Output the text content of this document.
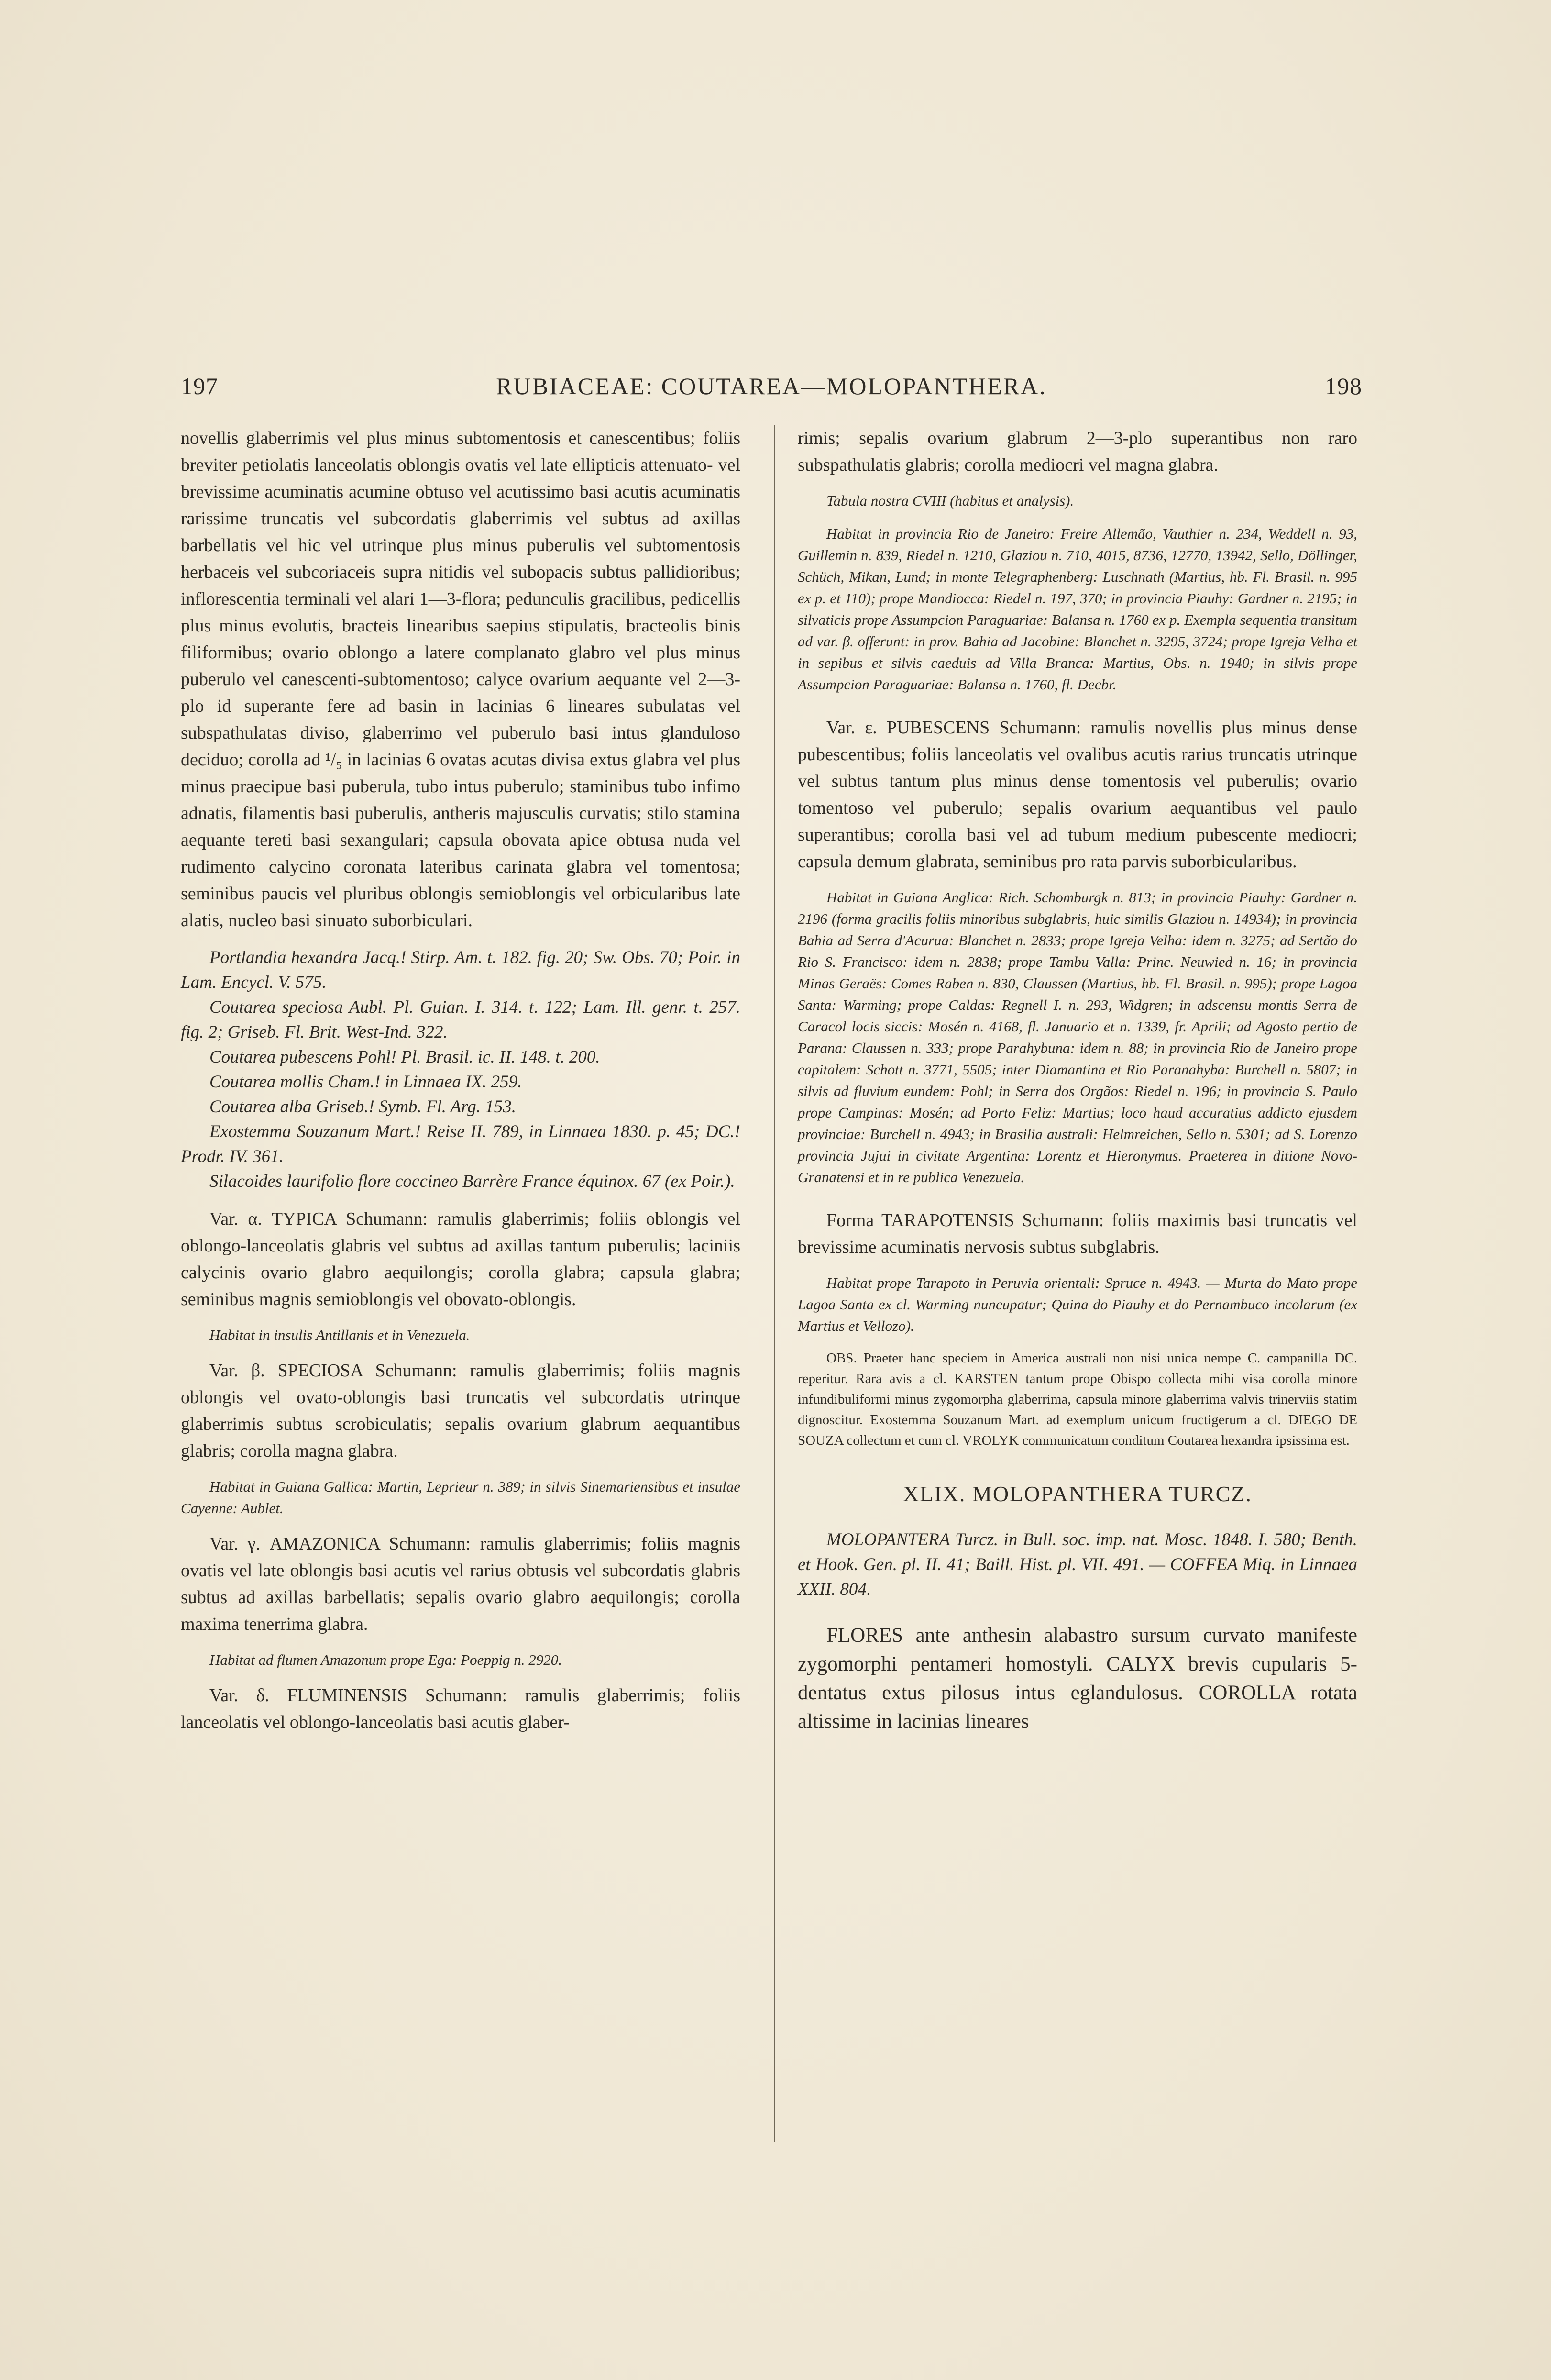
197	RUBIACEAE: COUTAREA—MOLOPANTHERA.	198

novellis glaberrimis vel plus minus subtomentosis et canescentibus; foliis breviter petiolatis lanceolatis oblongis ovatis vel late ellipticis attenuato- vel brevissime acuminatis acumine obtuso vel acutissimo basi acutis acuminatis rarissime truncatis vel subcordatis glaberrimis vel subtus ad axillas barbellatis vel hic vel utrinque plus minus puberulis vel subtomentosis herbaceis vel subcoriaceis supra nitidis vel subopacis subtus pallidioribus; inflorescentia terminali vel alari 1—3-flora; pedunculis gracilibus, pedicellis plus minus evolutis, bracteis linearibus saepius stipulatis, bracteolis binis filiformibus; ovario oblongo a latere complanato glabro vel plus minus puberulo vel canescenti-subtomentoso; calyce ovarium aequante vel 2—3-plo id superante fere ad basin in lacinias 6 lineares subulatas vel subspathulatas diviso, glaberrimo vel puberulo basi intus glanduloso deciduo; corolla ad ¹/₅ in lacinias 6 ovatas acutas divisa extus glabra vel plus minus praecipue basi puberula, tubo intus puberulo; staminibus tubo infimo adnatis, filamentis basi puberulis, antheris majusculis curvatis; stilo stamina aequante tereti basi sexangulari; capsula obovata apice obtusa nuda vel rudimento calycino coronata lateribus carinata glabra vel tomentosa; seminibus paucis vel pluribus oblongis semioblongis vel orbicularibus late alatis, nucleo basi sinuato suborbiculari.

Portlandia hexandra Jacq.! Stirp. Am. t. 182. fig. 20; Sw. Obs. 70; Poir. in Lam. Encycl. V. 575.

Coutarea speciosa Aubl. Pl. Guian. I. 314. t. 122; Lam. Ill. genr. t. 257. fig. 2; Griseb. Fl. Brit. West-Ind. 322.

Coutarea pubescens Pohl! Pl. Brasil. ic. II. 148. t. 200.

Coutarea mollis Cham.! in Linnaea IX. 259.

Coutarea alba Griseb.! Symb. Fl. Arg. 153.

Exostemma Souzanum Mart.! Reise II. 789, in Linnaea 1830. p. 45; DC.! Prodr. IV. 361.

Silacoides laurifolio flore coccineo Barrère France équinox. 67 (ex Poir.).

Var. α. TYPICA Schumann: ramulis glaberrimis; foliis oblongis vel oblongo-lanceolatis glabris vel subtus ad axillas tantum puberulis; laciniis calycinis ovario glabro aequilongis; corolla glabra; capsula glabra; seminibus magnis semioblongis vel obovato-oblongis.

Habitat in insulis Antillanis et in Venezuela.

Var. β. SPECIOSA Schumann: ramulis glaberrimis; foliis magnis oblongis vel ovato-oblongis basi truncatis vel subcordatis utrinque glaberrimis subtus scrobiculatis; sepalis ovarium glabrum aequantibus glabris; corolla magna glabra.

Habitat in Guiana Gallica: Martin, Leprieur n. 389; in silvis Sinemariensibus et insulae Cayenne: Aublet.

Var. γ. AMAZONICA Schumann: ramulis glaberrimis; foliis magnis ovatis vel late oblongis basi acutis vel rarius obtusis vel subcordatis glabris subtus ad axillas barbellatis; sepalis ovario glabro aequilongis; corolla maxima tenerrima glabra.

Habitat ad flumen Amazonum prope Ega: Poeppig n. 2920.

Var. δ. FLUMINENSIS Schumann: ramulis glaberrimis; foliis lanceolatis vel oblongo-lanceolatis basi acutis glaber-

rimis; sepalis ovarium glabrum 2—3-plo superantibus non raro subspathulatis glabris; corolla mediocri vel magna glabra.

Tabula nostra CVIII (habitus et analysis).

Habitat in provincia Rio de Janeiro: Freire Allemão, Vauthier n. 234, Weddell n. 93, Guillemin n. 839, Riedel n. 1210, Glaziou n. 710, 4015, 8736, 12770, 13942, Sello, Döllinger, Schüch, Mikan, Lund; in monte Telegraphenberg: Luschnath (Martius, hb. Fl. Brasil. n. 995 ex p. et 110); prope Mandiocca: Riedel n. 197, 370; in provincia Piauhy: Gardner n. 2195; in silvaticis prope Assumpcion Paraguariae: Balansa n. 1760 ex p. Exempla sequentia transitum ad var. β. offerunt: in prov. Bahia ad Jacobine: Blanchet n. 3295, 3724; prope Igreja Velha et in sepibus et silvis caeduis ad Villa Branca: Martius, Obs. n. 1940; in silvis prope Assumpcion Paraguariae: Balansa n. 1760, fl. Decbr.

Var. ε. PUBESCENS Schumann: ramulis novellis plus minus dense pubescentibus; foliis lanceolatis vel ovalibus acutis rarius truncatis utrinque vel subtus tantum plus minus dense tomentosis vel puberulis; ovario tomentoso vel puberulo; sepalis ovarium aequantibus vel paulo superantibus; corolla basi vel ad tubum medium pubescente mediocri; capsula demum glabrata, seminibus pro rata parvis suborbicularibus.

Habitat in Guiana Anglica: Rich. Schomburgk n. 813; in provincia Piauhy: Gardner n. 2196 (forma gracilis foliis minoribus subglabris, huic similis Glaziou n. 14934); in provincia Bahia ad Serra d'Acurua: Blanchet n. 2833; prope Igreja Velha: idem n. 3275; ad Sertão do Rio S. Francisco: idem n. 2838; prope Tambu Valla: Princ. Neuwied n. 16; in provincia Minas Geraës: Comes Raben n. 830, Claussen (Martius, hb. Fl. Brasil. n. 995); prope Lagoa Santa: Warming; prope Caldas: Regnell I. n. 293, Widgren; in adscensu montis Serra de Caracol locis siccis: Mosén n. 4168, fl. Januario et n. 1339, fr. Aprili; ad Agosto pertio de Parana: Claussen n. 333; prope Parahybuna: idem n. 88; in provincia Rio de Janeiro prope capitalem: Schott n. 3771, 5505; inter Diamantina et Rio Paranahyba: Burchell n. 5807; in silvis ad fluvium eundem: Pohl; in Serra dos Orgãos: Riedel n. 196; in provincia S. Paulo prope Campinas: Mosén; ad Porto Feliz: Martius; loco haud accuratius addicto ejusdem provinciae: Burchell n. 4943; in Brasilia australi: Helmreichen, Sello n. 5301; ad S. Lorenzo provincia Jujui in civitate Argentina: Lorentz et Hieronymus. Praeterea in ditione Novo-Granatensi et in re publica Venezuela.

Forma TARAPOTENSIS Schumann: foliis maximis basi truncatis vel brevissime acuminatis nervosis subtus subglabris.

Habitat prope Tarapoto in Peruvia orientali: Spruce n. 4943. — Murta do Mato prope Lagoa Santa ex cl. Warming nuncupatur; Quina do Piauhy et do Pernambuco incolarum (ex Martius et Vellozo).

OBS. Praeter hanc speciem in America australi non nisi unica nempe C. campanilla DC. reperitur. Rara avis a cl. KARSTEN tantum prope Obispo collecta mihi visa corolla minore infundibuliformi minus zygomorpha glaberrima, capsula minore glaberrima valvis trinerviis statim dignoscitur. Exostemma Souzanum Mart. ad exemplum unicum fructigerum a cl. DIEGO DE SOUZA collectum et cum cl. VROLYK communicatum conditum Coutarea hexandra ipsissima est.

XLIX. MOLOPANTHERA TURCZ.

MOLOPANTERA Turcz. in Bull. soc. imp. nat. Mosc. 1848. I. 580; Benth. et Hook. Gen. pl. II. 41; Baill. Hist. pl. VII. 491. — COFFEA Miq. in Linnaea XXII. 804.

FLORES ante anthesin alabastro sursum curvato manifeste zygomorphi pentameri homostyli. CALYX brevis cupularis 5-dentatus extus pilosus intus eglandulosus. COROLLA rotata altissime in lacinias lineares
